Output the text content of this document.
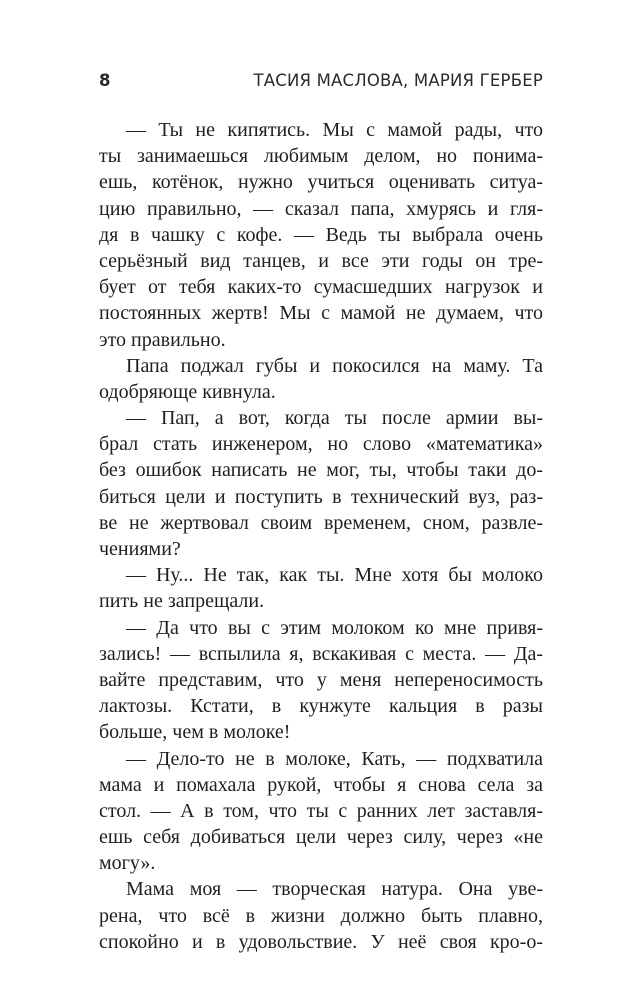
8	ТАСИЯ МАСЛОВА, МАРИЯ ГЕРБЕР
— Ты не кипятись. Мы с мамой рады, что
ты занимаешься любимым делом, но понима-
ешь, котёнок, нужно учиться оценивать ситуа-
цию правильно, — сказал папа, хмурясь и гля-
дя в чашку с кофе. — Ведь ты выбрала очень
серьёзный вид танцев, и все эти годы он тре-
бует от тебя каких-то сумасшедших нагрузок и
постоянных жертв! Мы с мамой не думаем, что
это правильно.
Папа поджал губы и покосился на маму. Та
одобряюще кивнула.
— Пап, а вот, когда ты после армии вы-
брал стать инженером, но слово «математика»
без ошибок написать не мог, ты, чтобы таки до-
биться цели и поступить в технический вуз, раз-
ве не жертвовал своим временем, сном, развле-
чениями?
— Ну... Не так, как ты. Мне хотя бы молоко
пить не запрещали.
— Да что вы с этим молоком ко мне привя-
зались! — вспылила я, вскакивая с места. — Да-
вайте представим, что у меня непереносимость
лактозы. Кстати, в кунжуте кальция в разы
больше, чем в молоке!
— Дело-то не в молоке, Кать, — подхватила
мама и помахала рукой, чтобы я снова села за
стол. — А в том, что ты с ранних лет заставля-
ешь себя добиваться цели через силу, через «не
могу».
Мама моя — творческая натура. Она уве-
рена, что всё в жизни должно быть плавно,
спокойно и в удовольствие. У неё своя кро-о-
